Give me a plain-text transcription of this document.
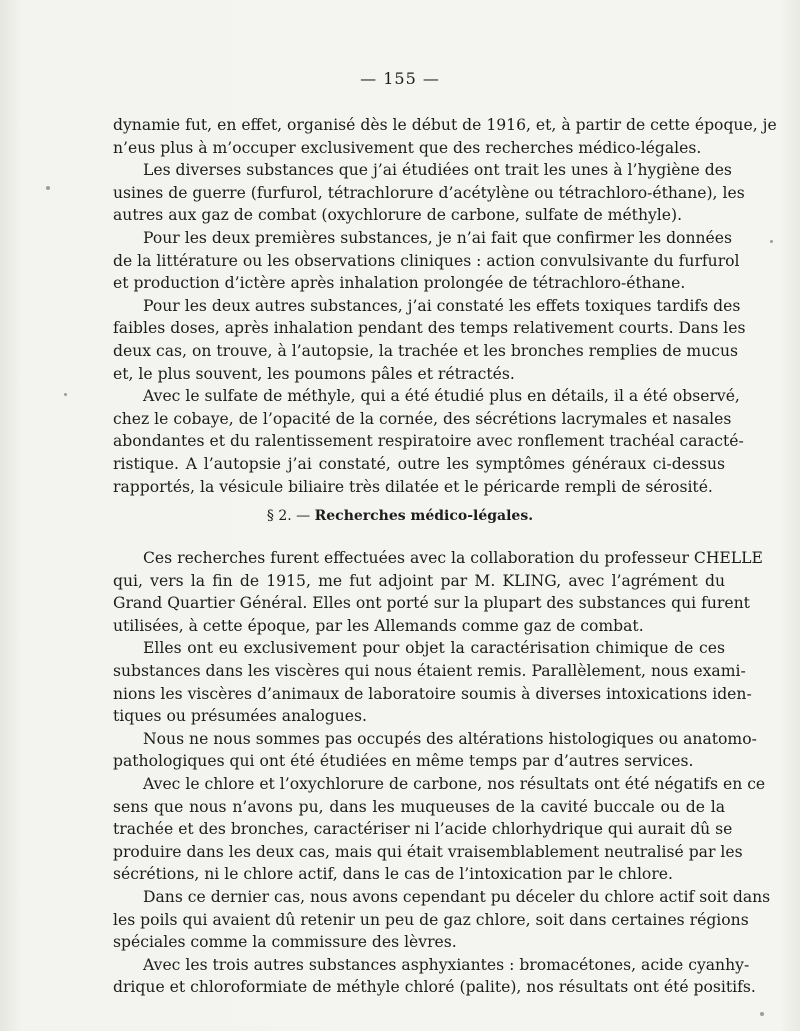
— 155 —
dynamie fut, en effet, organisé dès le début de 1916, et, à partir de cette époque, je
n’eus plus à m’occuper exclusivement que des recherches médico-légales.
Les diverses substances que j’ai étudiées ont trait les unes à l’hygiène des
usines de guerre (furfurol, tétrachlorure d’acétylène ou tétrachloro-éthane), les
autres aux gaz de combat (oxychlorure de carbone, sulfate de méthyle).
Pour les deux premières substances, je n’ai fait que confirmer les données
de la littérature ou les observations cliniques : action convulsivante du furfurol
et production d’ictère après inhalation prolongée de tétrachloro-éthane.
Pour les deux autres substances, j’ai constaté les effets toxiques tardifs des
faibles doses, après inhalation pendant des temps relativement courts. Dans les
deux cas, on trouve, à l’autopsie, la trachée et les bronches remplies de mucus
et, le plus souvent, les poumons pâles et rétractés.
Avec le sulfate de méthyle, qui a été étudié plus en détails, il a été observé,
chez le cobaye, de l’opacité de la cornée, des sécrétions lacrymales et nasales
abondantes et du ralentissement respiratoire avec ronflement trachéal caracté-
ristique. A l’autopsie j’ai constaté, outre les symptômes généraux ci-dessus
rapportés, la vésicule biliaire très dilatée et le péricarde rempli de sérosité.
§ 2. — Recherches médico-légales.
Ces recherches furent effectuées avec la collaboration du professeur CHELLE
qui, vers la fin de 1915, me fut adjoint par M. KLING, avec l’agrément du
Grand Quartier Général. Elles ont porté sur la plupart des substances qui furent
utilisées, à cette époque, par les Allemands comme gaz de combat.
Elles ont eu exclusivement pour objet la caractérisation chimique de ces
substances dans les viscères qui nous étaient remis. Parallèlement, nous exami-
nions les viscères d’animaux de laboratoire soumis à diverses intoxications iden-
tiques ou présumées analogues.
Nous ne nous sommes pas occupés des altérations histologiques ou anatomo-
pathologiques qui ont été étudiées en même temps par d’autres services.
Avec le chlore et l’oxychlorure de carbone, nos résultats ont été négatifs en ce
sens que nous n’avons pu, dans les muqueuses de la cavité buccale ou de la
trachée et des bronches, caractériser ni l’acide chlorhydrique qui aurait dû se
produire dans les deux cas, mais qui était vraisemblablement neutralisé par les
sécrétions, ni le chlore actif, dans le cas de l’intoxication par le chlore.
Dans ce dernier cas, nous avons cependant pu déceler du chlore actif soit dans
les poils qui avaient dû retenir un peu de gaz chlore, soit dans certaines régions
spéciales comme la commissure des lèvres.
Avec les trois autres substances asphyxiantes : bromacétones, acide cyanhy-
drique et chloroformiate de méthyle chloré (palite), nos résultats ont été positifs.
